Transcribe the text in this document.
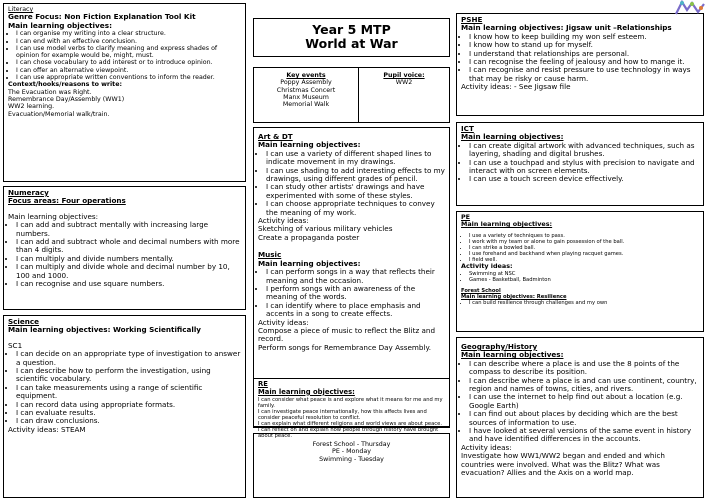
Literacy
Genre Focus: Non Fiction Explanation Tool Kit
Main learning objectives:
• I can organise my writing into a clear structure.
• I can end with an effective conclusion.
• I can use model verbs to clarify meaning and express shades of opinion for example would be, might, must.
• I can chose vocabulary to add interest or to introduce opinion.
• I can offer an alternative viewpoint.
• I can use appropriate written conventions to inform the reader.
Context/hooks/reasons to write:
The Evacuation was Right.
Remembrance Day/Assembly (WW1)
WW2 learning.
Evacuation/Memorial walk/train.
Numeracy
Focus areas: Four operations
Main learning objectives:
• I can add and subtract mentally with increasing large numbers.
• I can add and subtract whole and decimal numbers with more than 4 digits.
• I can multiply and divide numbers mentally.
• I can multiply and divide whole and decimal number by 10, 100 and 1000.
• I can recognise and use square numbers.
Science
Main learning objectives: Working Scientifically
SC1
• I can decide on an appropriate type of investigation to answer a question.
• I can describe how to perform the investigation, using scientific vocabulary.
• I can take measurements using a range of scientific equipment.
• I can record data using appropriate formats.
• I can evaluate results.
• I can draw conclusions.
Activity ideas: STEAM
Year 5 MTP
World at War
Key events
Poppy Assembly
Christmas Concert
Manx Museum
Memorial Walk
Pupil voice:
WW2
Art & DT
Main learning objectives:
• I can use a variety of different shaped lines to indicate movement in my drawings.
• I can use shading to add interesting effects to my drawings, using different grades of pencil.
• I can study other artists' drawings and have experimented with some of these styles.
• I can choose appropriate techniques to convey the meaning of my work.
Activity ideas:
Sketching of various military vehicles
Create a propaganda poster
Music
Main learning objectives:
• I can perform songs in a way that reflects their meaning and the occasion.
• I perform songs with an awareness of the meaning of the words.
• I can identify where to place emphasis and accents in a song to create effects.
Activity ideas:
Compose a piece of music to reflect the Blitz and record.
Perform songs for Remembrance Day Assembly.
RE
Main learning objectives:
I can consider what peace is and explore what it means for me and my family.
I can investigate peace internationally, how this affects lives and consider peaceful resolution to conflict.
I can explain what different religions and world views are about peace.
I can reflect on and explain how people through history have brought about peace.
Forest School - Thursday
PE - Monday
Swimming - Tuesday
PSHE
Main learning objectives: Jigsaw unit –Relationships
• I know how to keep building my won self esteem.
• I know how to stand up for myself.
• I understand that relationships are personal.
• I can recognise the feeling of jealousy and how to mange it.
• I can recognise and resist pressure to use technology in ways that may be risky or cause harm.
Activity ideas: - See Jigsaw file
ICT
Main learning objectives:
• I can create digital artwork with advanced techniques, such as layering, shading and digital brushes.
• I can use a touchpad and stylus with precision to navigate and interact with on screen elements.
• I can use a touch screen device effectively.
PE
Main learning objectives:
• I use a variety of techniques to pass.
• I work with my team or alone to gain possession of the ball.
• I can strike a bowled ball.
• I use forehand and backhand when playing racquet games.
• I field well.
Activity ideas:
• Swimming at NSC
• Games - Basketball, Badminton
Forest School
Main learning objectives: Resilience
• I can build resilience through challenges and my own
Geography/History
Main learning objectives:
• I can describe where a place is and use the 8 points of the compass to describe its position.
• I can describe where a place is and can use continent, country, region and names of towns, cities, and rivers.
• I can use the internet to help find out about a location (e.g. Google Earth)
• I can find out about places by deciding which are the best sources of information to use.
• I have looked at several versions of the same event in history and have identified differences in the accounts.
Activity ideas:
Investigate how WW1/WW2 began and ended and which countries were involved. What was the Blitz? What was evacuation? Allies and the Axis on a world map.
